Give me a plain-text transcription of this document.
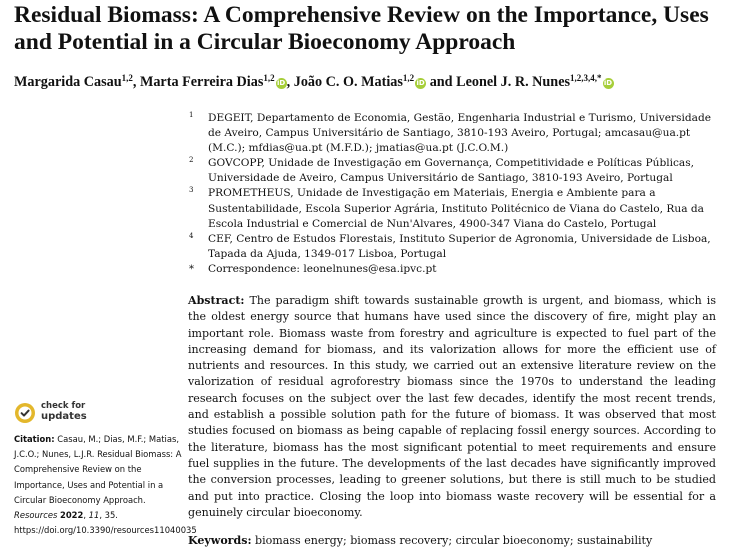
Residual Biomass: A Comprehensive Review on the Importance, Uses and Potential in a Circular Bioeconomy Approach
Margarida Casau$^{1,2}$, Marta Ferreira Dias$^{1,2}$ iD, João C. O. Matias$^{1,2}$ iD and Leonel J. R. Nunes$^{1,2,3,4,*}$ iD
1 DEGEIT, Departamento de Economia, Gestão, Engenharia Industrial e Turismo, Universidade de Aveiro, Campus Universitário de Santiago, 3810-193 Aveiro, Portugal; amcasau@ua.pt (M.C.); mfdias@ua.pt (M.F.D.); jmatias@ua.pt (J.C.O.M.)
2 GOVCOPP, Unidade de Investigação em Governança, Competitividade e Políticas Públicas, Universidade de Aveiro, Campus Universitário de Santiago, 3810-193 Aveiro, Portugal
3 PROMETHEUS, Unidade de Investigação em Materiais, Energia e Ambiente para a Sustentabilidade, Escola Superior Agrária, Instituto Politécnico de Viana do Castelo, Rua da Escola Industrial e Comercial de Nun'Alvares, 4900-347 Viana do Castelo, Portugal
4 CEF, Centro de Estudos Florestais, Instituto Superior de Agronomia, Universidade de Lisboa, Tapada da Ajuda, 1349-017 Lisboa, Portugal
* Correspondence: leonelnunes@esa.ipvc.pt
Abstract: The paradigm shift towards sustainable growth is urgent, and biomass, which is the oldest energy source that humans have used since the discovery of fire, might play an important role. Biomass waste from forestry and agriculture is expected to fuel part of the increasing demand for biomass, and its valorization allows for more the efficient use of nutrients and resources. In this study, we carried out an extensive literature review on the valorization of residual agroforestry biomass since the 1970s to understand the leading research focuses on the subject over the last few decades, identify the most recent trends, and establish a possible solution path for the future of biomass. It was observed that most studies focused on biomass as being capable of replacing fossil energy sources. According to the literature, biomass has the most significant potential to meet requirements and ensure fuel supplies in the future. The developments of the last decades have significantly improved the conversion processes, leading to greener solutions, but there is still much to be studied and put into practice. Closing the loop into biomass waste recovery will be essential for a genuinely circular bioeconomy.
Keywords: biomass energy; biomass recovery; circular bioeconomy; sustainability
check for
updates
Citation: Casau, M.; Dias, M.F.; Matias, J.C.O.; Nunes, L.J.R. Residual Biomass: A Comprehensive Review on the Importance, Uses and Potential in a Circular Bioeconomy Approach. Resources 2022, 11, 35. https://doi.org/10.3390/resources11040035
